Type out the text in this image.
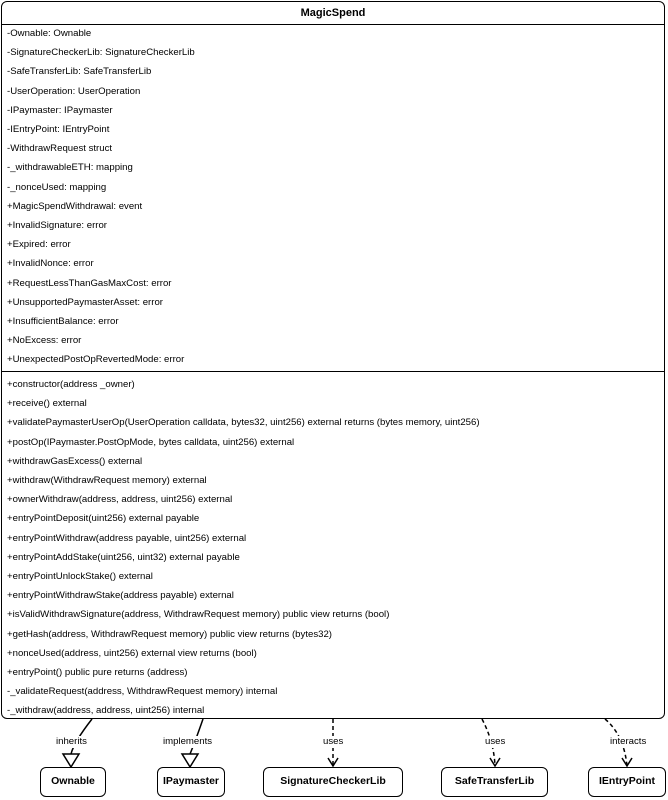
MagicSpend
-Ownable: Ownable
-SignatureCheckerLib: SignatureCheckerLib
-SafeTransferLib: SafeTransferLib
-UserOperation: UserOperation
-IPaymaster: IPaymaster
-IEntryPoint: IEntryPoint
-WithdrawRequest struct
-_withdrawableETH: mapping
-_nonceUsed: mapping
+MagicSpendWithdrawal: event
+InvalidSignature: error
+Expired: error
+InvalidNonce: error
+RequestLessThanGasMaxCost: error
+UnsupportedPaymasterAsset: error
+InsufficientBalance: error
+NoExcess: error
+UnexpectedPostOpRevertedMode: error
+constructor(address _owner)
+receive() external
+validatePaymasterUserOp(UserOperation calldata, bytes32, uint256) external returns (bytes memory, uint256)
+postOp(IPaymaster.PostOpMode, bytes calldata, uint256) external
+withdrawGasExcess() external
+withdraw(WithdrawRequest memory) external
+ownerWithdraw(address, address, uint256) external
+entryPointDeposit(uint256) external payable
+entryPointWithdraw(address payable, uint256) external
+entryPointAddStake(uint256, uint32) external payable
+entryPointUnlockStake() external
+entryPointWithdrawStake(address payable) external
+isValidWithdrawSignature(address, WithdrawRequest memory) public view returns (bool)
+getHash(address, WithdrawRequest memory) public view returns (bytes32)
+nonceUsed(address, uint256) external view returns (bool)
+entryPoint() public pure returns (address)
-_validateRequest(address, WithdrawRequest memory) internal
-_withdraw(address, address, uint256) internal
inherits	implements	uses	uses	interacts
Ownable	IPaymaster	SignatureCheckerLib	SafeTransferLib	IEntryPoint
